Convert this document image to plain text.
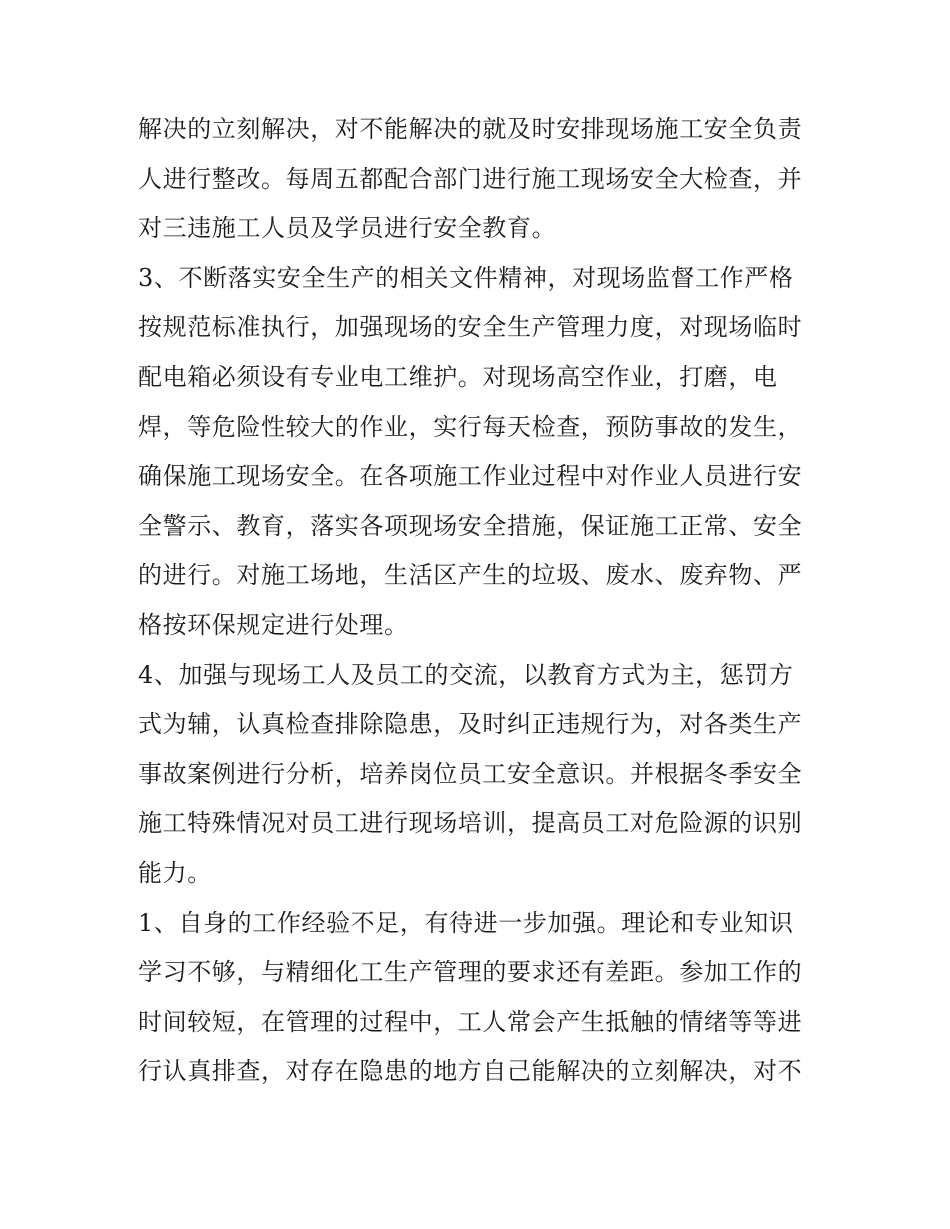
解决的立刻解决，对不能解决的就及时安排现场施工安全负责
人进行整改。每周五都配合部门进行施工现场安全大检查，并
对三违施工人员及学员进行安全教育。
3、不断落实安全生产的相关文件精神，对现场监督工作严格
按规范标准执行，加强现场的安全生产管理力度，对现场临时
配电箱必须设有专业电工维护。对现场高空作业，打磨，电
焊，等危险性较大的作业，实行每天检查，预防事故的发生，
确保施工现场安全。在各项施工作业过程中对作业人员进行安
全警示、教育，落实各项现场安全措施，保证施工正常、安全
的进行。对施工场地，生活区产生的垃圾、废水、废弃物、严
格按环保规定进行处理。
4、加强与现场工人及员工的交流，以教育方式为主，惩罚方
式为辅，认真检查排除隐患，及时纠正违规行为，对各类生产
事故案例进行分析，培养岗位员工安全意识。并根据冬季安全
施工特殊情况对员工进行现场培训，提高员工对危险源的识别
能力。
1、自身的工作经验不足，有待进一步加强。理论和专业知识
学习不够，与精细化工生产管理的要求还有差距。参加工作的
时间较短，在管理的过程中，工人常会产生抵触的情绪等等进
行认真排查，对存在隐患的地方自己能解决的立刻解决，对不
